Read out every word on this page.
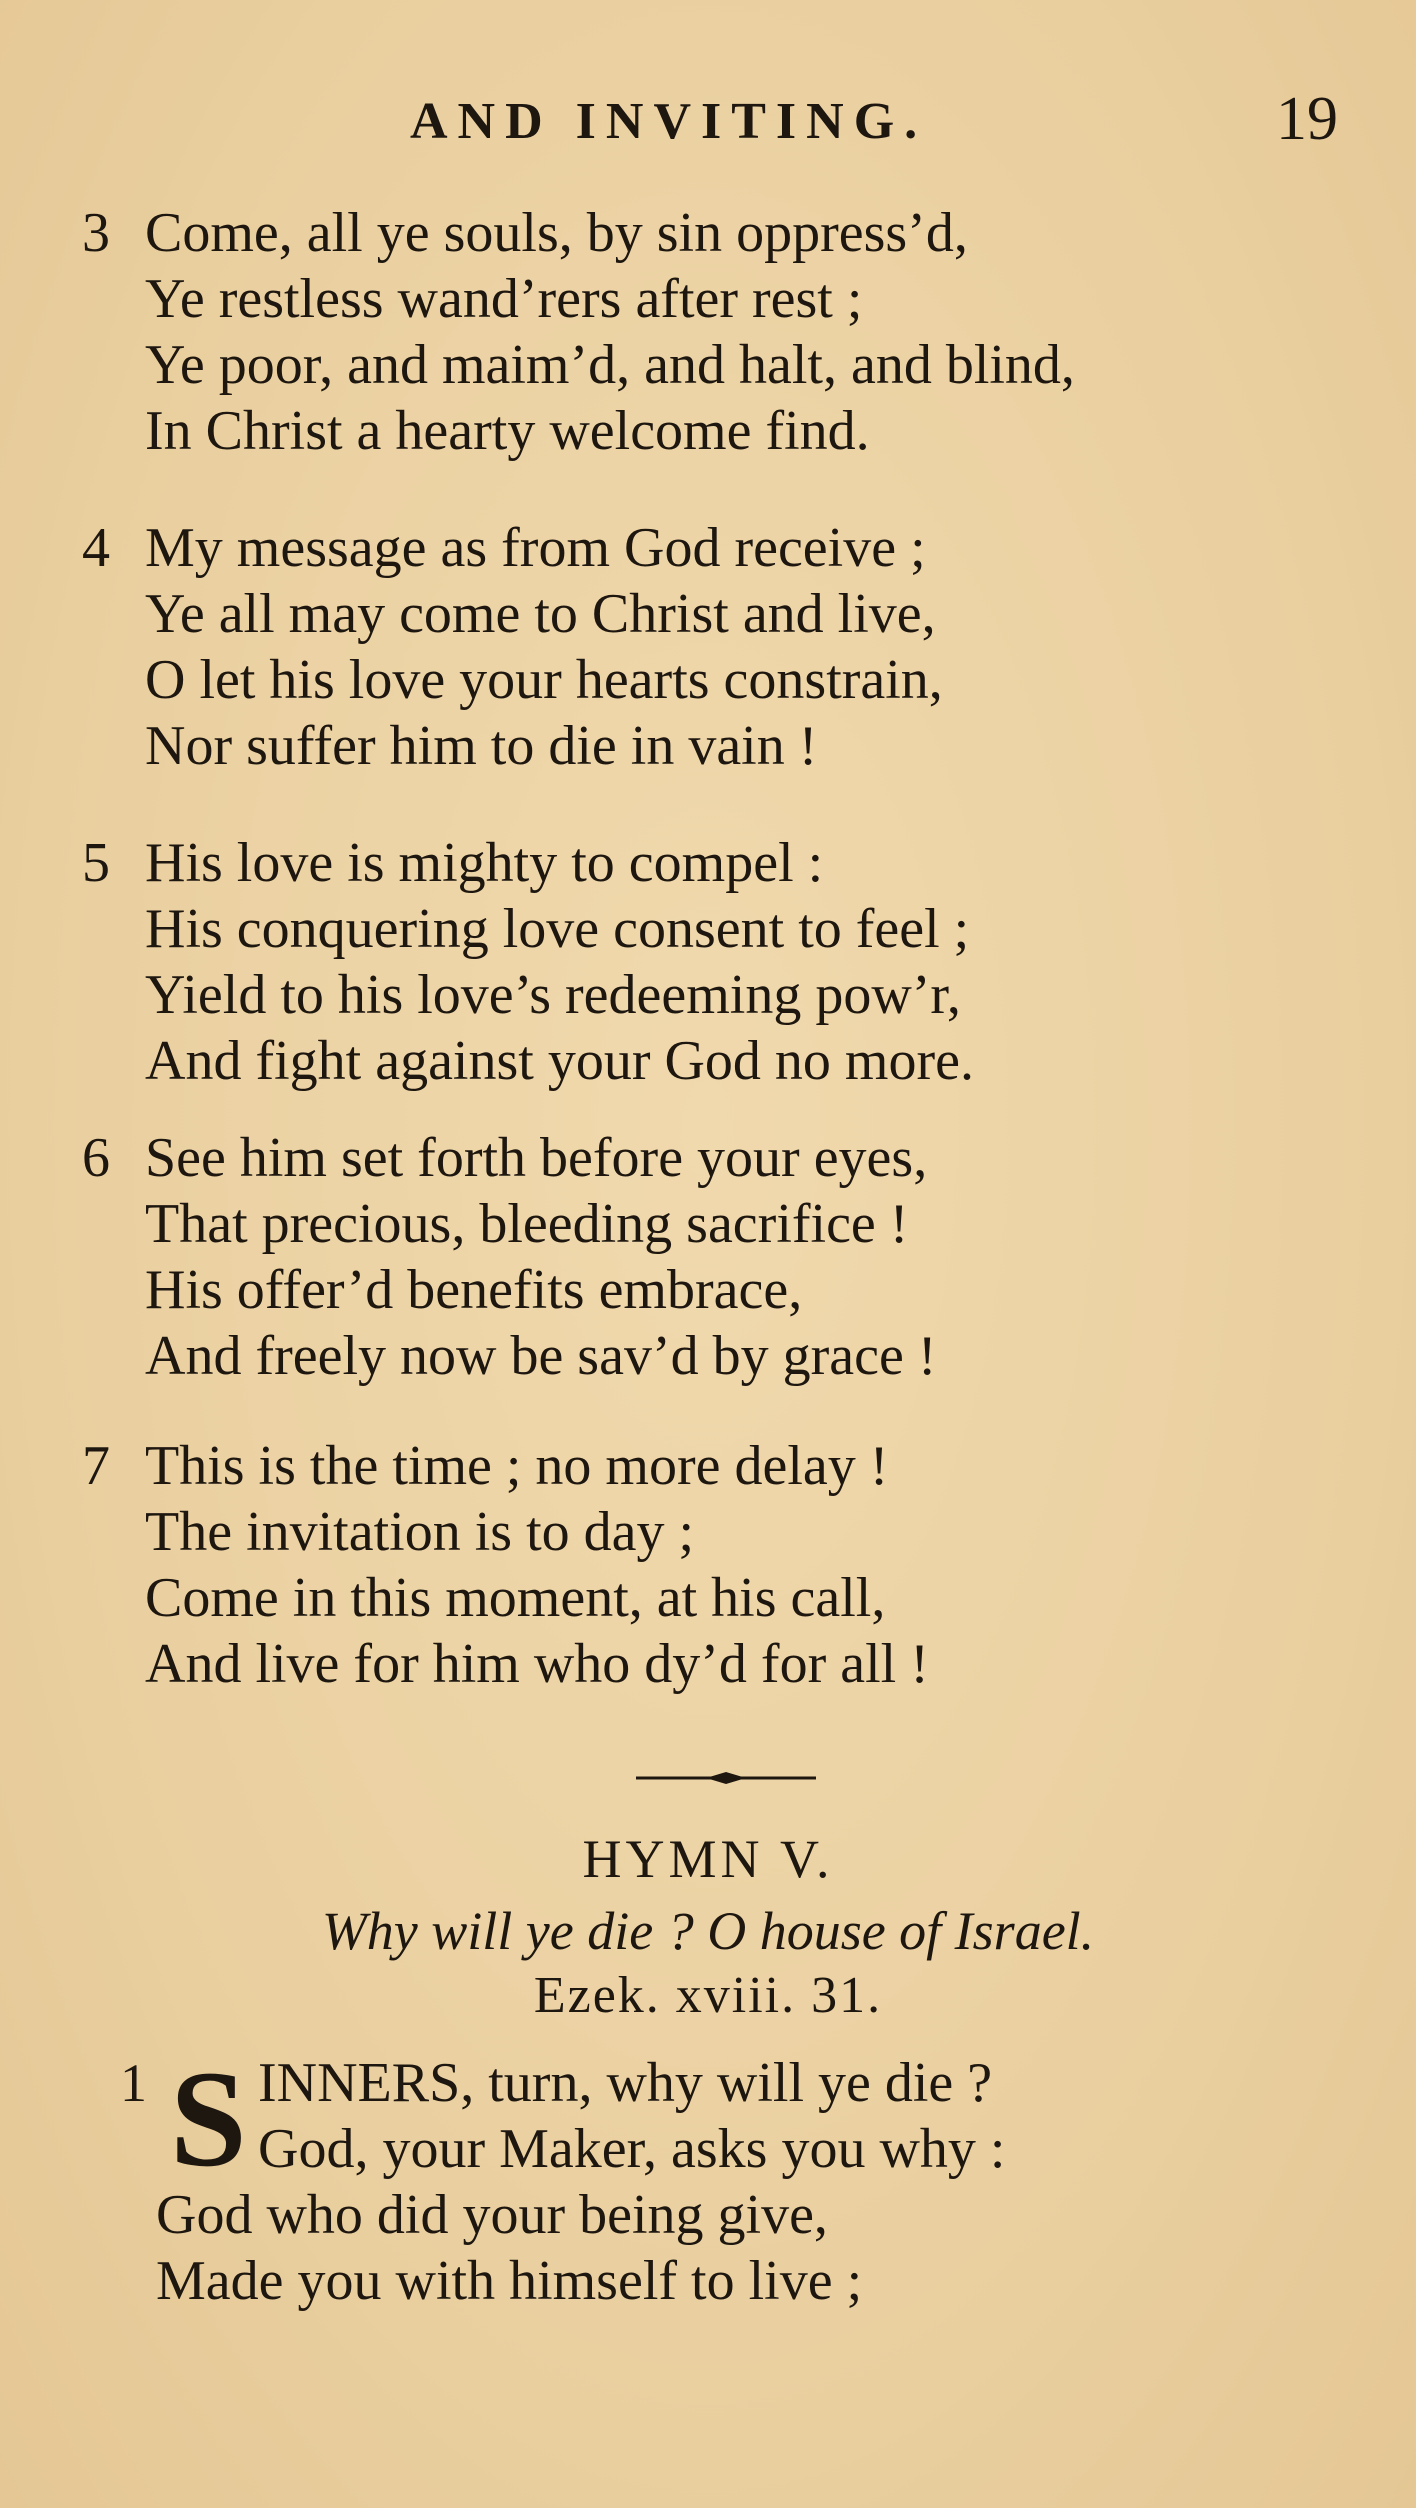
AND INVITING.	19
3 Come, all ye souls, by sin oppress’d,
Ye restless wand’rers after rest ;
Ye poor, and maim’d, and halt, and blind,
In Christ a hearty welcome find.
4 My message as from God receive ;
Ye all may come to Christ and live,
O let his love your hearts constrain,
Nor suffer him to die in vain !
5 His love is mighty to compel :
His conquering love consent to feel ;
Yield to his love’s redeeming pow’r,
And fight against your God no more.
6 See him set forth before your eyes,
That precious, bleeding sacrifice !
His offer’d benefits embrace,
And freely now be sav’d by grace !
7 This is the time ; no more delay !
The invitation is to day ;
Come in this moment, at his call,
And live for him who dy’d for all !
HYMN V.
Why will ye die ? O house of Israel.
Ezek. xviii. 31.
1 S INNERS, turn, why will ye die ?
God, your Maker, asks you why :
God who did your being give,
Made you with himself to live ;
